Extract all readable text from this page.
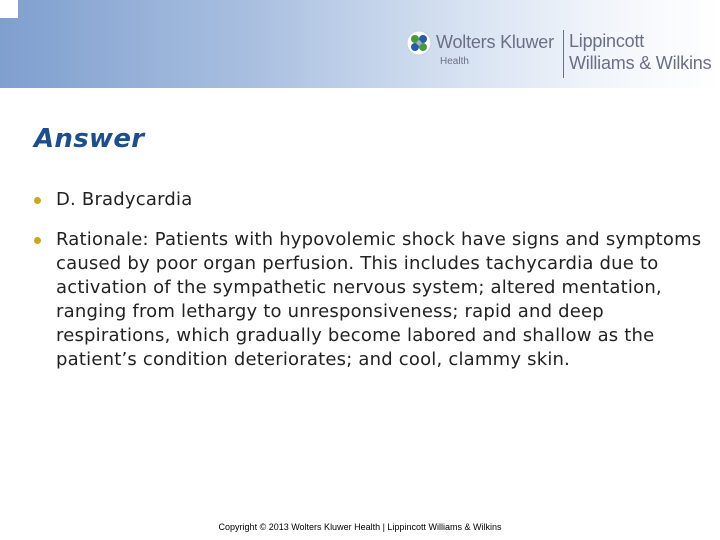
Wolters Kluwer
Health
Lippincott
Williams & Wilkins
Answer
D. Bradycardia
Rationale: Patients with hypovolemic shock have signs and symptoms caused by poor organ perfusion. This includes tachycardia due to activation of the sympathetic nervous system; altered mentation, ranging from lethargy to unresponsiveness; rapid and deep respirations, which gradually become labored and shallow as the patient’s condition deteriorates; and cool, clammy skin.
Copyright © 2013 Wolters Kluwer Health | Lippincott Williams & Wilkins
